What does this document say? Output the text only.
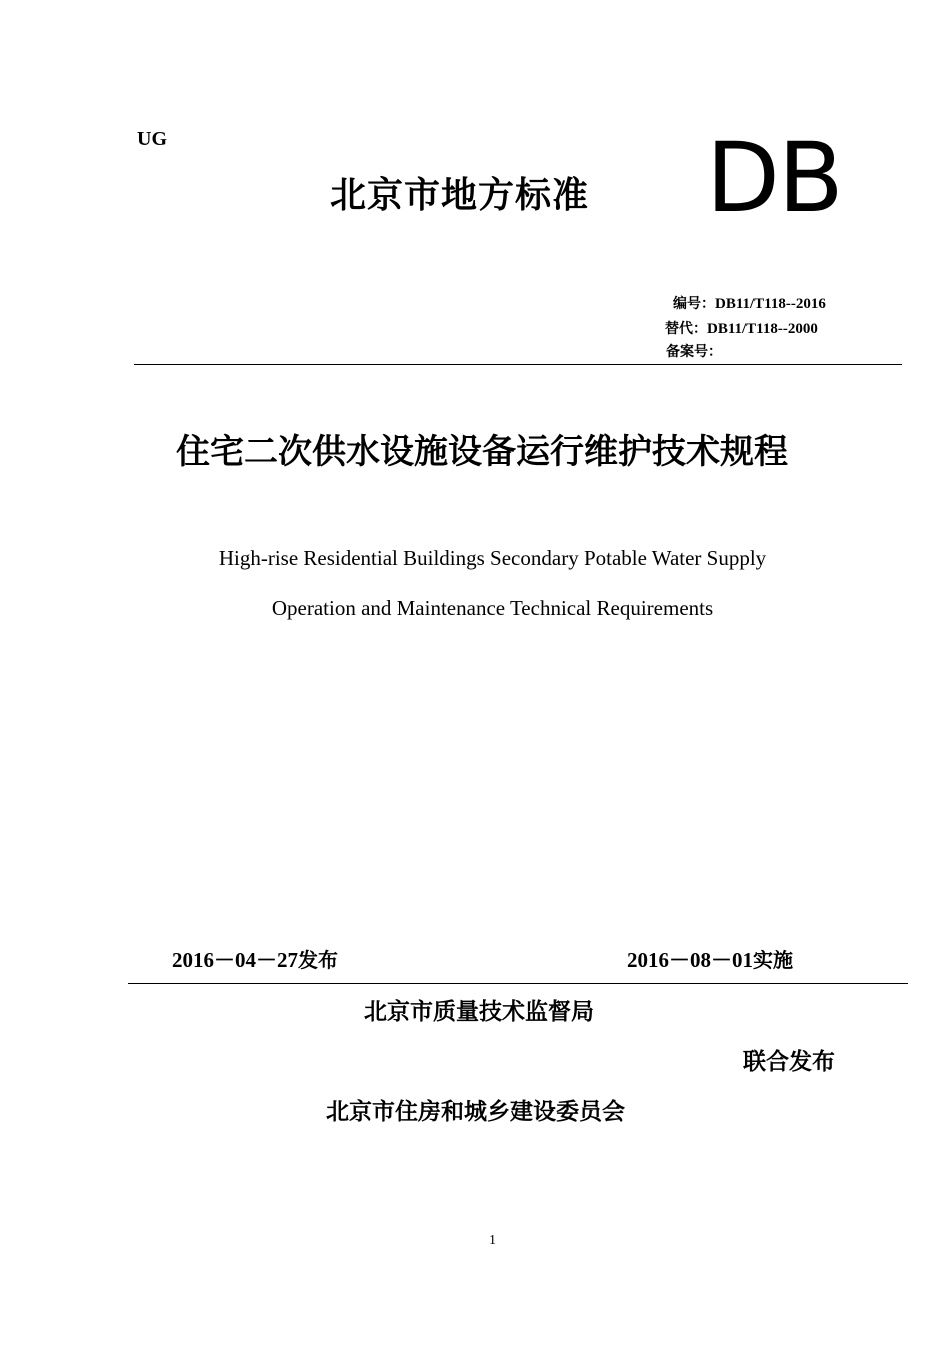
UG
北京市地方标准 DB
编号：DB11/T118--2016
替代：DB11/T118--2000
备案号：
住宅二次供水设施设备运行维护技术规程
High-rise Residential Buildings Secondary Potable Water Supply
Operation and Maintenance Technical Requirements
2016－04－27发布	2016－08－01实施
北京市质量技术监督局
联合发布
北京市住房和城乡建设委员会
1
